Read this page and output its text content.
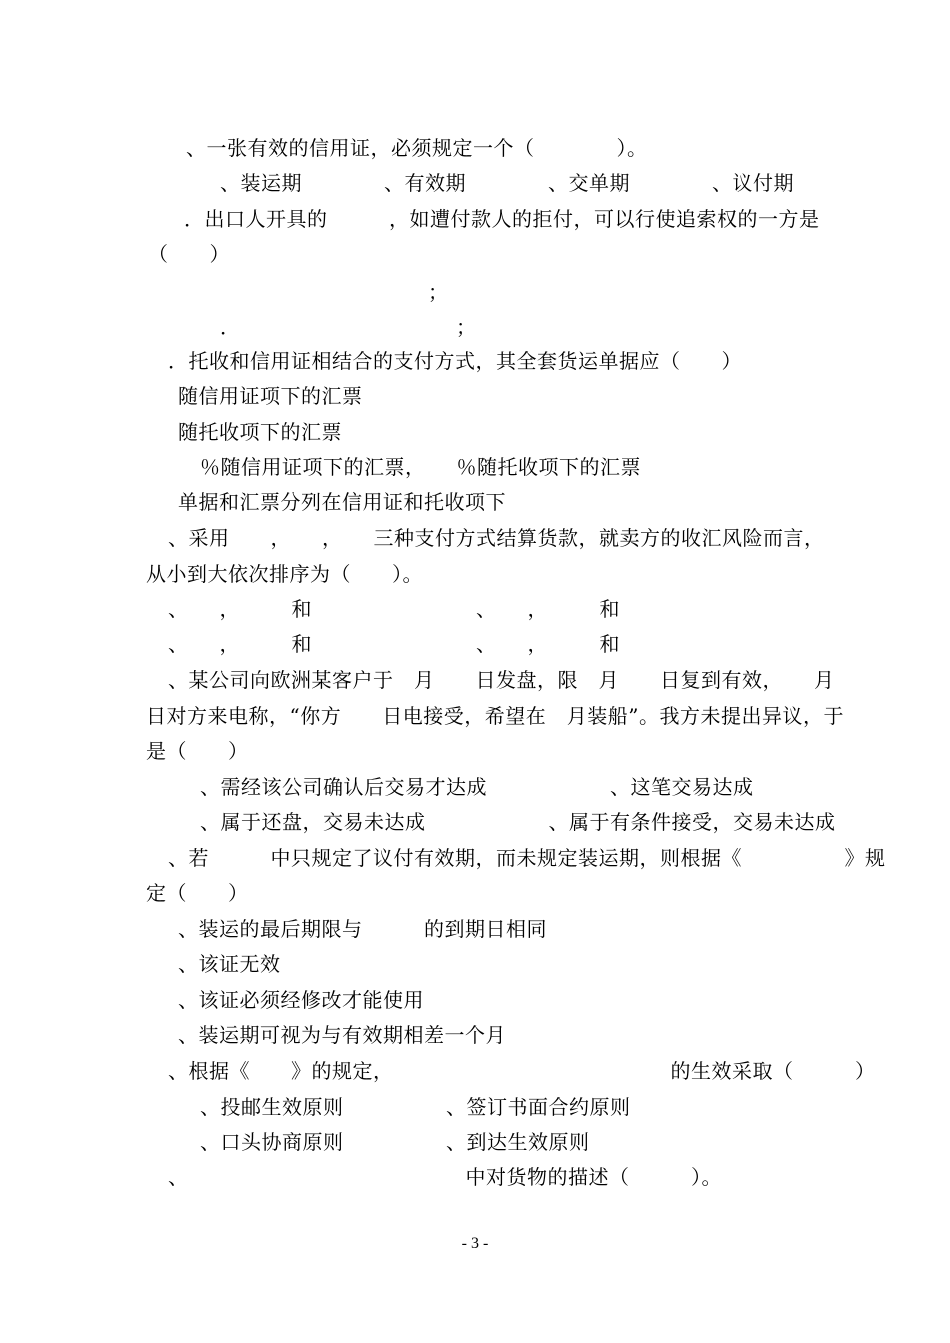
、一张有效的信用证，必须规定一个（　　　　）。
、装运期　　　　、有效期　　　　、交单期　　　　、议付期
．出口人开具的　　　，如遭付款人的拒付，可以行使追索权的一方是
（　　）
；
．　　　　　　　　　　　；
．托收和信用证相结合的支付方式，其全套货运单据应（　　）
随信用证项下的汇票
随托收项下的汇票
％随信用证项下的汇票，　　％随托收项下的汇票
单据和汇票分列在信用证和托收项下
、采用　　，　　，　　三种支付方式结算货款，就卖方的收汇风险而言，
从小到大依次排序为（　　）。
、　　，　　　和　　　　　　　　、　　，　　　和
、　　，　　　和　　　　　　　　、　　，　　　和
、某公司向欧洲某客户于　月　　日发盘，限　月　　日复到有效，　　月
日对方来电称，“你方　　日电接受，希望在　月装船”。我方未提出异议，于
是（　　）
、需经该公司确认后交易才达成　　　　　　、这笔交易达成
、属于还盘，交易未达成　　　　　　、属于有条件接受，交易未达成
、若　　　中只规定了议付有效期，而未规定装运期，则根据《　　　　　》规
定（　　）
、装运的最后期限与　　　的到期日相同
、该证无效
、该证必须经修改才能使用
、装运期可视为与有效期相差一个月
、根据《　　》的规定，　　　　　　　　　　　　　　的生效采取（　　　）
、投邮生效原则　　　　　、签订书面合约原则
、口头协商原则　　　　　、到达生效原则
、　　　　　　　　　　　　　　中对货物的描述（　　　）。
- 3 -
